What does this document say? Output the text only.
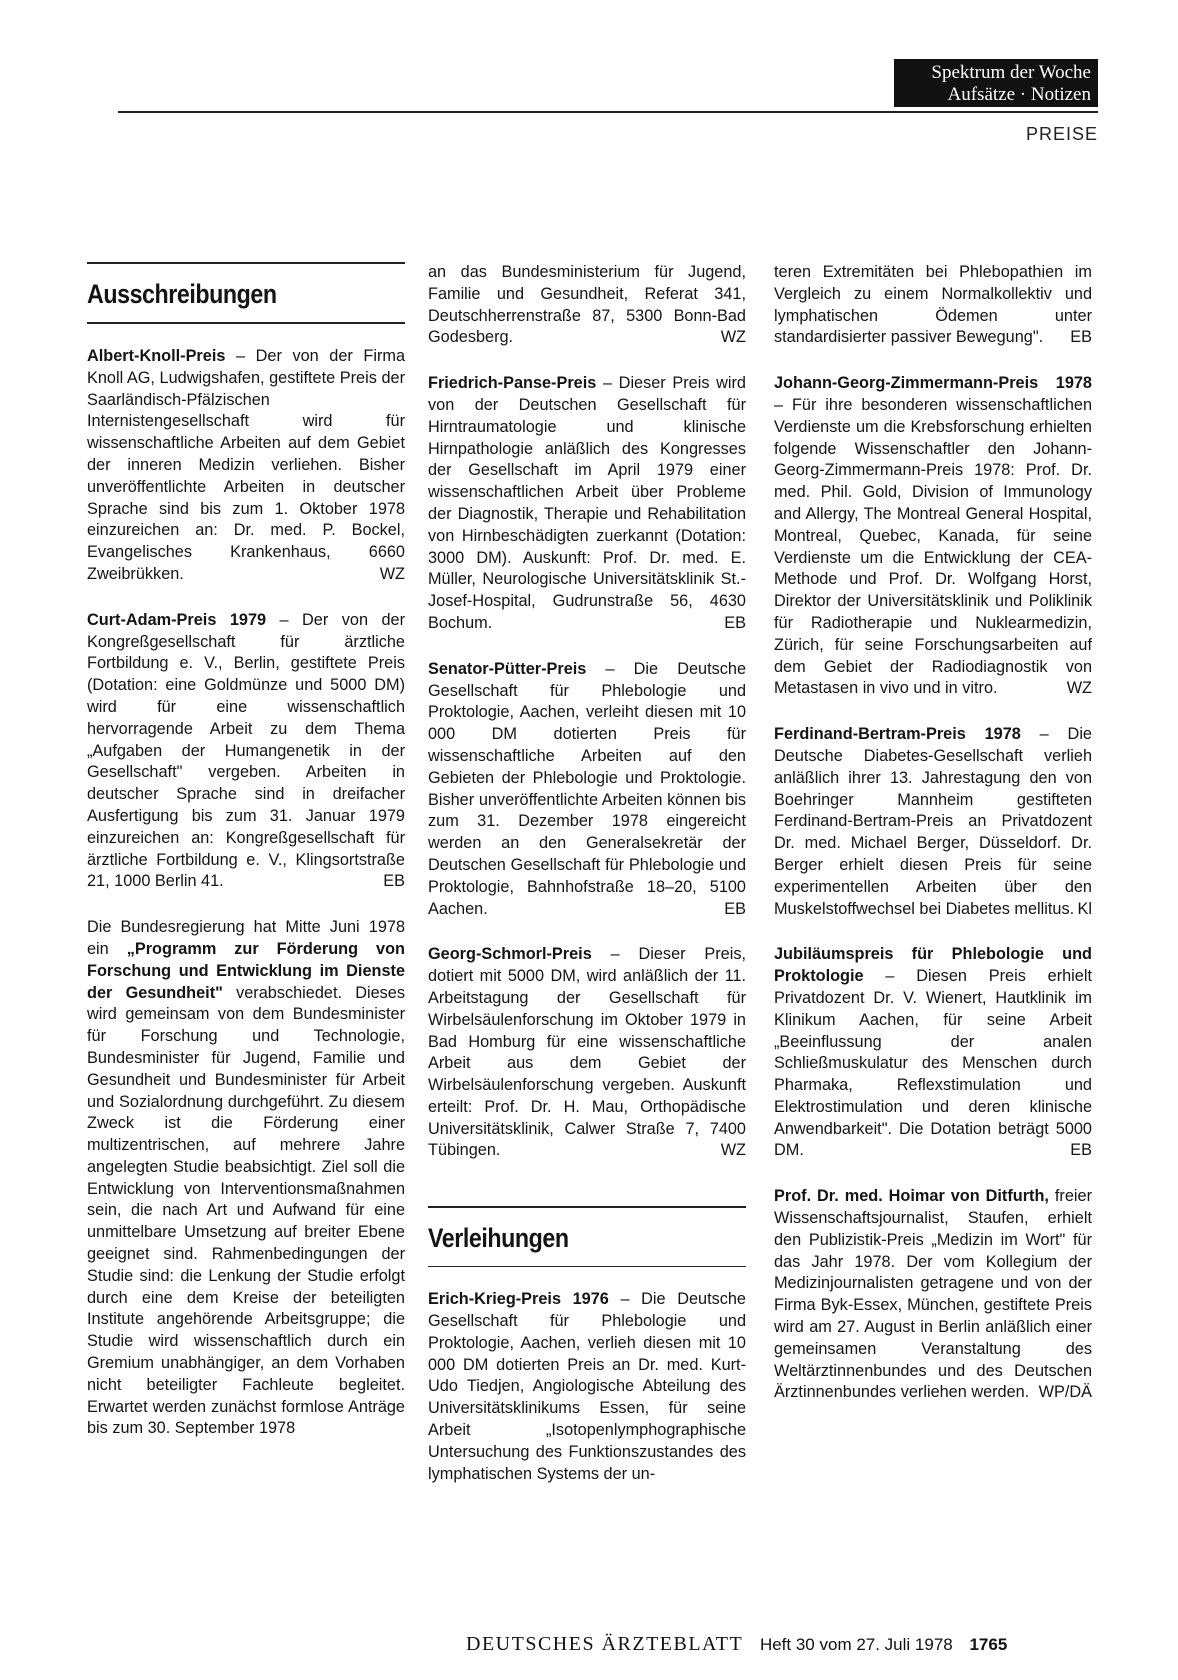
Spektrum der Woche
Aufsätze · Notizen
PREISE
Ausschreibungen

Albert-Knoll-Preis – Der von der Firma Knoll AG, Ludwigshafen, gestiftete Preis der Saarländisch-Pfälzischen Internistengesellschaft wird für wissenschaftliche Arbeiten auf dem Gebiet der inneren Medizin verliehen. Bisher unveröffentlichte Arbeiten in deutscher Sprache sind bis zum 1. Oktober 1978 einzureichen an: Dr. med. P. Bockel, Evangelisches Krankenhaus, 6660 Zweibrükken.	WZ

Curt-Adam-Preis 1979 – Der von der Kongreßgesellschaft für ärztliche Fortbildung e. V., Berlin, gestiftete Preis (Dotation: eine Goldmünze und 5000 DM) wird für eine wissenschaftlich hervorragende Arbeit zu dem Thema „Aufgaben der Humangenetik in der Gesellschaft" vergeben. Arbeiten in deutscher Sprache sind in dreifacher Ausfertigung bis zum 31. Januar 1979 einzureichen an: Kongreßgesellschaft für ärztliche Fortbildung e. V., Klingsortstraße 21, 1000 Berlin 41.	EB

Die Bundesregierung hat Mitte Juni 1978 ein „Programm zur Förderung von Forschung und Entwicklung im Dienste der Gesundheit" verabschiedet. Dieses wird gemeinsam von dem Bundesminister für Forschung und Technologie, Bundesminister für Jugend, Familie und Gesundheit und Bundesminister für Arbeit und Sozialordnung durchgeführt. Zu diesem Zweck ist die Förderung einer multizentrischen, auf mehrere Jahre angelegten Studie beabsichtigt. Ziel soll die Entwicklung von Interventionsmaßnahmen sein, die nach Art und Aufwand für eine unmittelbare Umsetzung auf breiter Ebene geeignet sind. Rahmenbedingungen der Studie sind: die Lenkung der Studie erfolgt durch eine dem Kreise der beteiligten Institute angehörende Arbeitsgruppe; die Studie wird wissenschaftlich durch ein Gremium unabhängiger, an dem Vorhaben nicht beteiligter Fachleute begleitet. Erwartet werden zunächst formlose Anträge bis zum 30. September 1978

an das Bundesministerium für Jugend, Familie und Gesundheit, Referat 341, Deutschherrenstraße 87, 5300 Bonn-Bad Godesberg.	WZ

Friedrich-Panse-Preis – Dieser Preis wird von der Deutschen Gesellschaft für Hirntraumatologie und klinische Hirnpathologie anläßlich des Kongresses der Gesellschaft im April 1979 einer wissenschaftlichen Arbeit über Probleme der Diagnostik, Therapie und Rehabilitation von Hirnbeschädigten zuerkannt (Dotation: 3000 DM). Auskunft: Prof. Dr. med. E. Müller, Neurologische Universitätsklinik St.-Josef-Hospital, Gudrunstraße 56, 4630 Bochum.	EB

Senator-Pütter-Preis – Die Deutsche Gesellschaft für Phlebologie und Proktologie, Aachen, verleiht diesen mit 10 000 DM dotierten Preis für wissenschaftliche Arbeiten auf den Gebieten der Phlebologie und Proktologie. Bisher unveröffentlichte Arbeiten können bis zum 31. Dezember 1978 eingereicht werden an den Generalsekretär der Deutschen Gesellschaft für Phlebologie und Proktologie, Bahnhofstraße 18–20, 5100 Aachen.	EB

Georg-Schmorl-Preis – Dieser Preis, dotiert mit 5000 DM, wird anläßlich der 11. Arbeitstagung der Gesellschaft für Wirbelsäulenforschung im Oktober 1979 in Bad Homburg für eine wissenschaftliche Arbeit aus dem Gebiet der Wirbelsäulenforschung vergeben. Auskunft erteilt: Prof. Dr. H. Mau, Orthopädische Universitätsklinik, Calwer Straße 7, 7400 Tübingen.	WZ

Verleihungen

Erich-Krieg-Preis 1976 – Die Deutsche Gesellschaft für Phlebologie und Proktologie, Aachen, verlieh diesen mit 10 000 DM dotierten Preis an Dr. med. Kurt-Udo Tiedjen, Angiologische Abteilung des Universitätsklinikums Essen, für seine Arbeit „Isotopenlymphographische Untersuchung des Funktionszustandes des lymphatischen Systems der un-

teren Extremitäten bei Phlebopathien im Vergleich zu einem Normalkollektiv und lymphatischen Ödemen unter standardisierter passiver Bewegung". EB

Johann-Georg-Zimmermann-Preis 1978 – Für ihre besonderen wissenschaftlichen Verdienste um die Krebsforschung erhielten folgende Wissenschaftler den Johann-Georg-Zimmermann-Preis 1978: Prof. Dr. med. Phil. Gold, Division of Immunology and Allergy, The Montreal General Hospital, Montreal, Quebec, Kanada, für seine Verdienste um die Entwicklung der CEA-Methode und Prof. Dr. Wolfgang Horst, Direktor der Universitätsklinik und Poliklinik für Radiotherapie und Nuklearmedizin, Zürich, für seine Forschungsarbeiten auf dem Gebiet der Radiodiagnostik von Metastasen in vivo und in vitro.	WZ

Ferdinand-Bertram-Preis 1978 – Die Deutsche Diabetes-Gesellschaft verlieh anläßlich ihrer 13. Jahrestagung den von Boehringer Mannheim gestifteten Ferdinand-Bertram-Preis an Privatdozent Dr. med. Michael Berger, Düsseldorf. Dr. Berger erhielt diesen Preis für seine experimentellen Arbeiten über den Muskelstoffwechsel bei Diabetes mellitus. Kl

Jubiläumspreis für Phlebologie und Proktologie – Diesen Preis erhielt Privatdozent Dr. V. Wienert, Hautklinik im Klinikum Aachen, für seine Arbeit „Beeinflussung der analen Schließmuskulatur des Menschen durch Pharmaka, Reflexstimulation und Elektrostimulation und deren klinische Anwendbarkeit". Die Dotation beträgt 5000 DM.	EB

Prof. Dr. med. Hoimar von Ditfurth, freier Wissenschaftsjournalist, Staufen, erhielt den Publizistik-Preis „Medizin im Wort" für das Jahr 1978. Der vom Kollegium der Medizinjournalisten getragene und von der Firma Byk-Essex, München, gestiftete Preis wird am 27. August in Berlin anläßlich einer gemeinsamen Veranstaltung des Weltärztinnenbundes und des Deutschen Ärztinnenbundes verliehen werden. WP/DÄ

DEUTSCHES ÄRZTEBLATT Heft 30 vom 27. Juli 1978 1765
